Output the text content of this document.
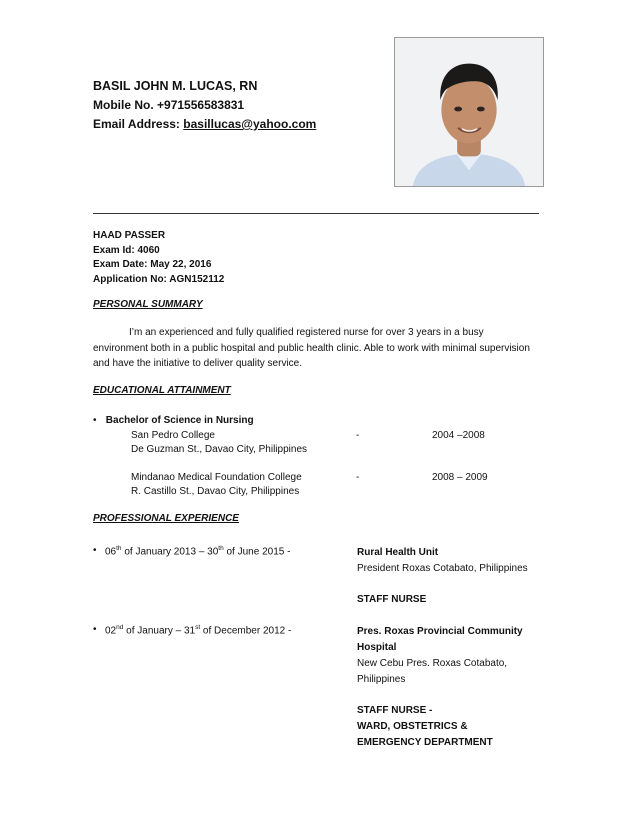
BASIL JOHN M. LUCAS, RN
Mobile No. +971556583831
Email Address: basillucas@yahoo.com
HAAD PASSER
Exam Id: 4060
Exam Date: May 22, 2016
Application No: AGN152112
PERSONAL SUMMARY
I’m an experienced and fully qualified registered nurse for over 3 years in a busy environment both in a public hospital and public health clinic. Able to work with minimal supervision and have the initiative to deliver quality service.
EDUCATIONAL ATTAINMENT
• Bachelor of Science in Nursing
San Pedro College
De Guzman St., Davao City, Philippines
-	2004 –2008
Mindanao Medical Foundation College
R. Castillo St., Davao City, Philippines
-	2008 – 2009
PROFESSIONAL EXPERIENCE
• 06th of January 2013 – 30th of June 2015 -	Rural Health Unit
President Roxas Cotabato, Philippines
STAFF NURSE
• 02nd of January – 31st of December 2012 -	Pres. Roxas Provincial Community Hospital
New Cebu Pres. Roxas Cotabato, Philippines
STAFF NURSE -
WARD, OBSTETRICS &
EMERGENCY DEPARTMENT
